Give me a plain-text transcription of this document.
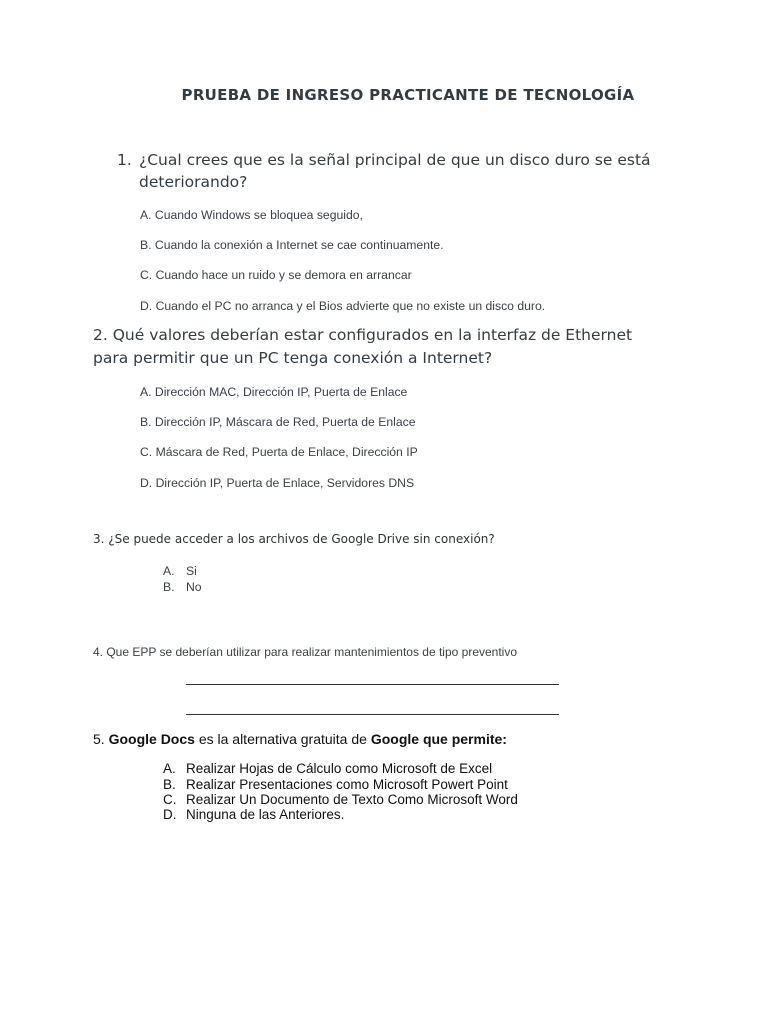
PRUEBA DE INGRESO PRACTICANTE DE TECNOLOGÍA
1. ¿Cual crees que es la señal principal de que un disco duro se está deteriorando?
A. Cuando Windows se bloquea seguido,
B. Cuando la conexión a Internet se cae continuamente.
C. Cuando hace un ruido y se demora en arrancar
D. Cuando el PC no arranca y el Bios advierte que no existe un disco duro.
2. Qué valores deberían estar configurados en la interfaz de Ethernet para permitir que un PC tenga conexión a Internet?
A. Dirección MAC, Dirección IP, Puerta de Enlace
B. Dirección IP, Máscara de Red, Puerta de Enlace
C. Máscara de Red, Puerta de Enlace, Dirección IP
D. Dirección IP, Puerta de Enlace, Servidores DNS
3. ¿Se puede acceder a los archivos de Google Drive sin conexión?
A. Si
B. No
4. Que EPP se deberían utilizar para realizar mantenimientos de tipo preventivo
5. Google Docs es la alternativa gratuita de Google que permite:
A. Realizar Hojas de Cálculo como Microsoft de Excel
B. Realizar Presentaciones como Microsoft Powert Point
C. Realizar Un Documento de Texto Como Microsoft Word
D. Ninguna de las Anteriores.
